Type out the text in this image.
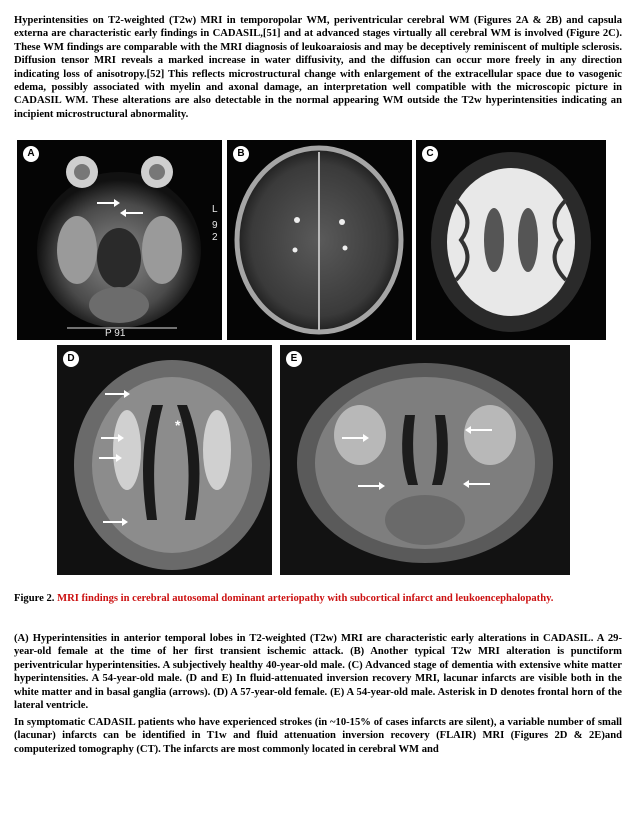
Hyperintensities on T2-weighted (T2w) MRI in temporopolar WM, periventricular cerebral WM (Figures 2A & 2B) and capsula externa are characteristic early findings in CADASIL,[51] and at advanced stages virtually all cerebral WM is involved (Figure 2C). These WM findings are comparable with the MRI diagnosis of leukoaraiosis and may be deceptively reminiscent of multiple sclerosis. Diffusion tensor MRI reveals a marked increase in water diffusivity, and the diffusion can occur more freely in any direction indicating loss of anisotropy.[52] This reflects microstructural change with enlargement of the extracellular space due to vasogenic edema, possibly associated with myelin and axonal damage, an interpretation well compatible with the microscopic picture in CADASIL WM. These alterations are also detectable in the normal appearing WM outside the T2w hyperintensities indicating an incipient microstructural abnormality.

A
L
9
2
P 91
B	C
D
*
E

Figure 2. MRI findings in cerebral autosomal dominant arteriopathy with subcortical infarct and leukoencephalopathy.

(A) Hyperintensities in anterior temporal lobes in T2-weighted (T2w) MRI are characteristic early alterations in CADASIL. A 29-year-old female at the time of her first transient ischemic attack. (B) Another typical T2w MRI alteration is punctiform periventricular hyperintensities. A subjectively healthy 40-year-old male. (C) Advanced stage of dementia with extensive white matter hyperintensities. A 54-year-old male. (D and E) In fluid-attenuated inversion recovery MRI, lacunar infarcts are visible both in the white matter and in basal ganglia (arrows). (D) A 57-year-old female. (E) A 54-year-old male. Asterisk in D denotes frontal horn of the lateral ventricle.

In symptomatic CADASIL patients who have experienced strokes (in ~10-15% of cases infarcts are silent), a variable number of small (lacunar) infarcts can be identified in T1w and fluid attenuation inversion recovery (FLAIR) MRI (Figures 2D & 2E)and computerized tomography (CT). The infarcts are most commonly located in cerebral WM and
